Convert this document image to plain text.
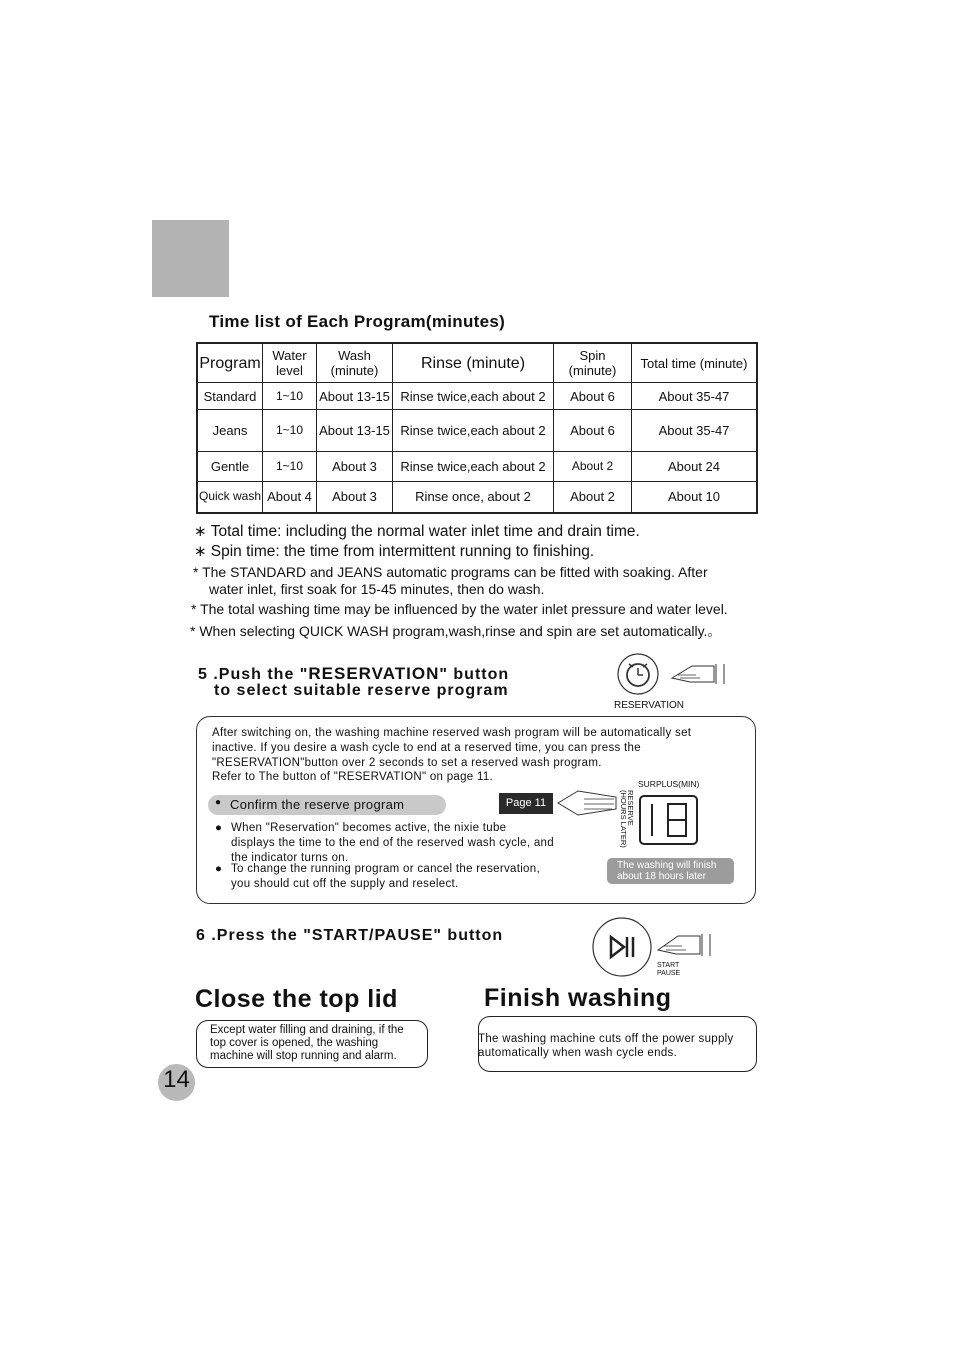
Time list of Each Program(minutes)
Program	Water level	Wash (minute)	Rinse (minute)	Spin (minute)	Total time (minute)
Standard	1~10	About 13-15	Rinse twice,each about 2	About 6	About 35-47
Jeans	1~10	About 13-15	Rinse twice,each about 2	About 6	About 35-47
Gentle	1~10	About 3	Rinse twice,each about 2	About 2	About 24
Quick wash	About 4	About 3	Rinse once, about 2	About 2	About 10
∗ Total time: including the normal water inlet time and drain time.
∗ Spin time: the time from intermittent running to finishing.
* The STANDARD and JEANS automatic programs can be fitted with soaking. After
water inlet, first soak for 15-45 minutes, then do wash.
* The total washing time may be influenced by the water inlet pressure and water level.
* When selecting QUICK WASH program,wash,rinse and spin are set automatically.。
5 .Push the "RESERVATION" button
to select suitable reserve program
RESERVATION
After switching on, the washing machine reserved wash program will be automatically set
inactive. If you desire a wash cycle to end at a reserved time, you can press the
"RESERVATION"button over 2 seconds to set a reserved wash program.
Refer to The button of "RESERVATION" on page 11.
● Confirm the reserve program	Page 11
● When "Reservation" becomes active, the nixie tube
displays the time to the end of the reserved wash cycle, and
the indicator turns on.
● To change the running program or cancel the reservation,
you should cut off the supply and reselect.
SURPLUS(MIN)
RESERVE (HOURS LATER)
The washing will finish
about 18 hours later
6 .Press the "START/PAUSE" button
START
PAUSE
Close the top lid	Finish washing
Except water filling and draining, if the
top cover is opened, the washing
machine will stop running and alarm.
The washing machine cuts off the power supply
automatically when wash cycle ends.
14
